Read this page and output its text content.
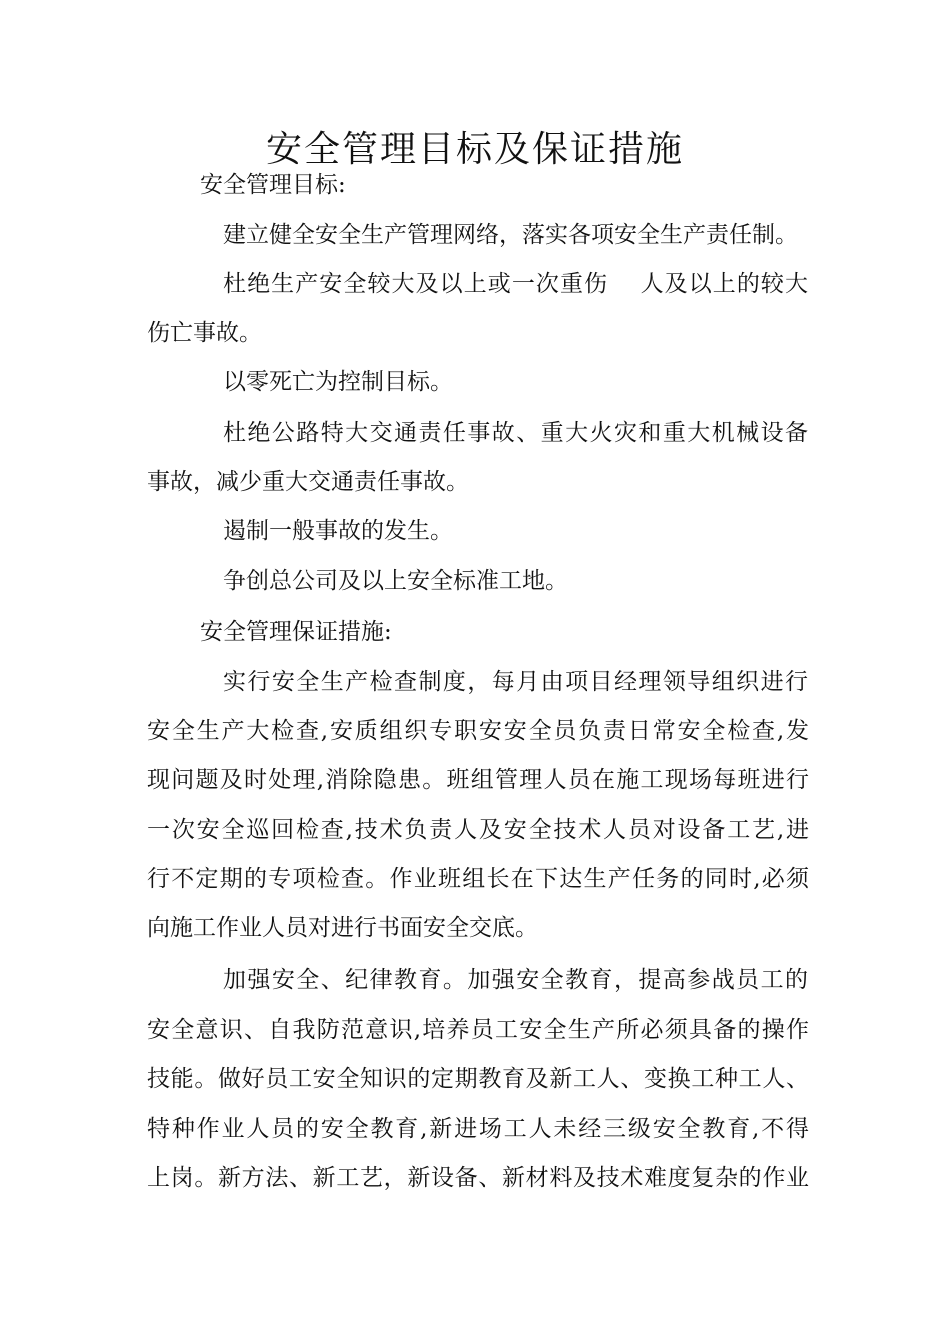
安全管理目标及保证措施
安全管理目标:
建立健全安全生产管理网络，落实各项安全生产责任制。
杜绝生产安全较大及以上或一次重伤　 人及以上的较大
伤亡事故。
以零死亡为控制目标。
杜绝公路特大交通责任事故、重大火灾和重大机械设备
事故，减少重大交通责任事故。
遏制一般事故的发生。
争创总公司及以上安全标准工地。
安全管理保证措施:
实行安全生产检查制度，每月由项目经理领导组织进行
安全生产大检查,安质组织专职安安全员负责日常安全检查,发
现问题及时处理,消除隐患。班组管理人员在施工现场每班进行
一次安全巡回检查,技术负责人及安全技术人员对设备工艺,进
行不定期的专项检查。作业班组长在下达生产任务的同时,必须
向施工作业人员对进行书面安全交底。
加强安全、纪律教育。加强安全教育，提高参战员工的
安全意识、自我防范意识,培养员工安全生产所必须具备的操作
技能。做好员工安全知识的定期教育及新工人、变换工种工人、
特种作业人员的安全教育,新进场工人未经三级安全教育,不得
上岗。新方法、新工艺，新设备、新材料及技术难度复杂的作业
